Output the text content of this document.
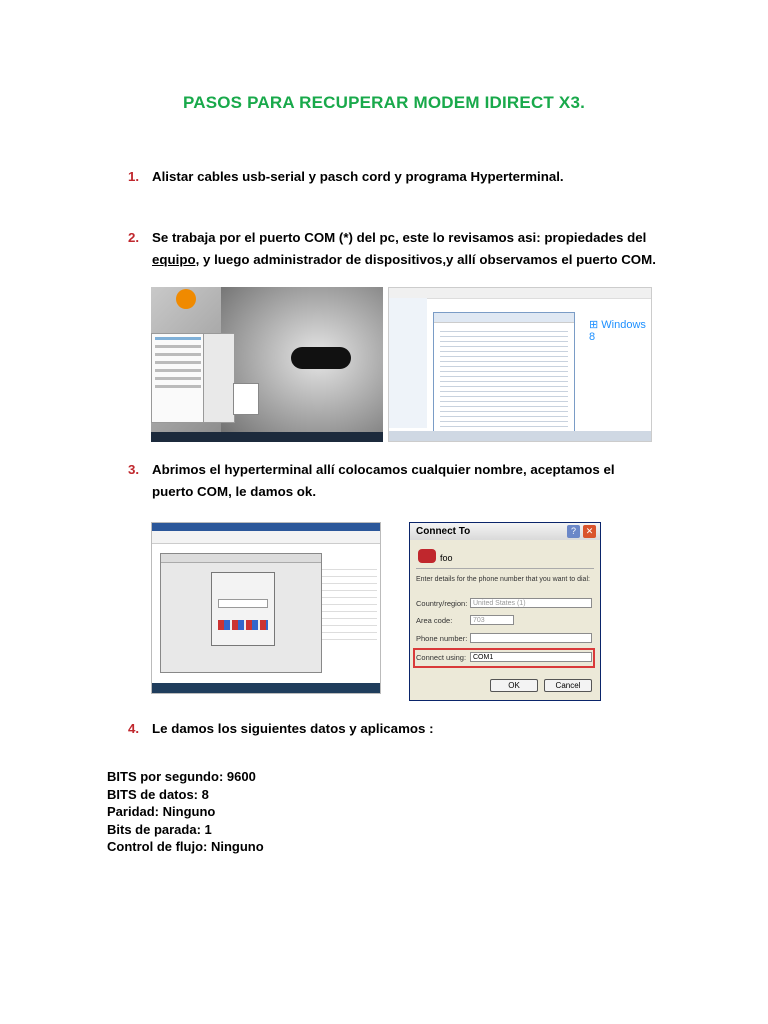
PASOS PARA RECUPERAR MODEM IDIRECT X3.
1. Alistar cables usb-serial y pasch cord y programa Hyperterminal.
2. Se trabaja por el puerto COM (*) del pc, este lo revisamos asi: propiedades del
equipo, y luego administrador de dispositivos,y allí observamos el puerto COM.
⊞ Windows 8
3. Abrimos el hyperterminal allí colocamos cualquier nombre, aceptamos el puerto COM, le damos ok.
Connect To	?	✕
foo
Enter details for the phone number that you want to dial:
Country/region: United States (1)
Area code:	703
Phone number:
Connect using: COM1
OK	Cancel
4. Le damos los siguientes datos y aplicamos :
BITS por segundo: 9600
BITS de datos: 8
Paridad: Ninguno
Bits de parada: 1
Control de flujo: Ninguno
